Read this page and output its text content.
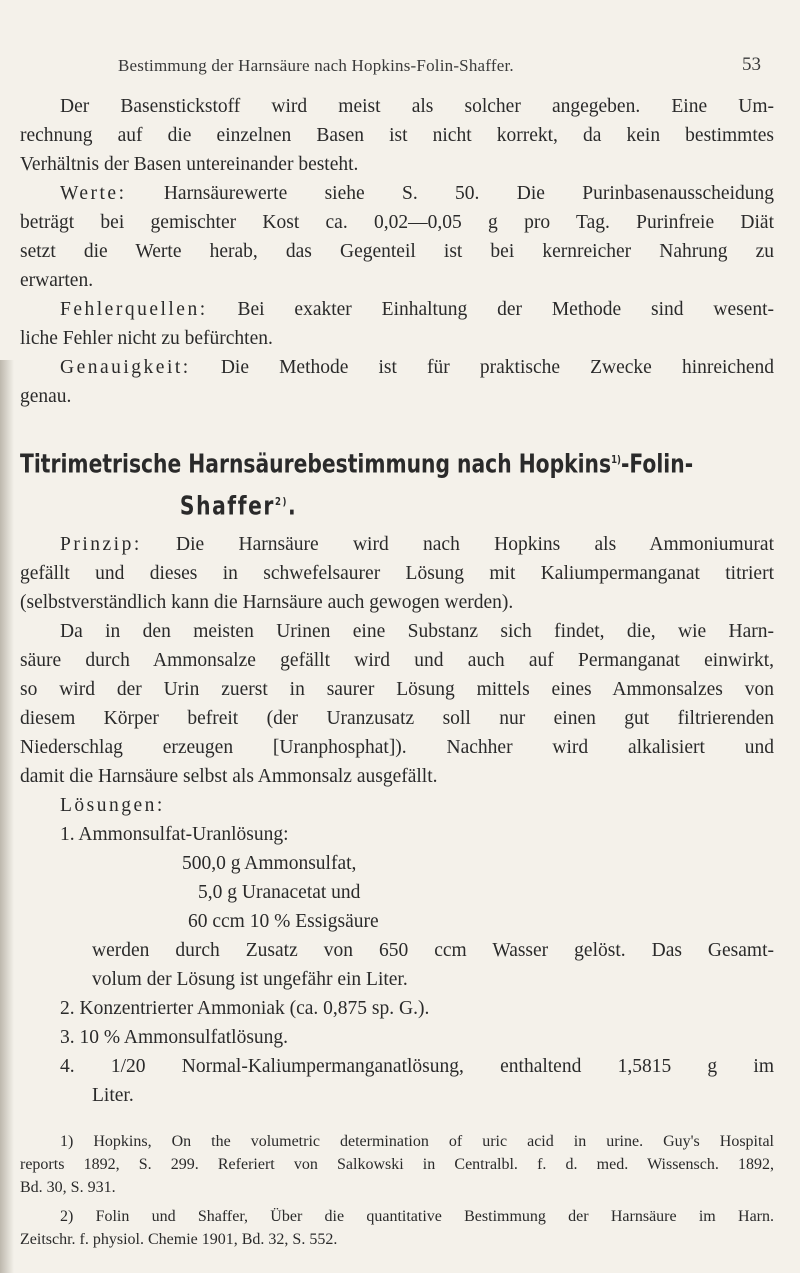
Bestimmung der Harnsäure nach Hopkins-Folin-Shaffer.	53

Der Basenstickstoff wird meist als solcher angegeben. Eine Um-
rechnung auf die einzelnen Basen ist nicht korrekt, da kein bestimmtes
Verhältnis der Basen untereinander besteht.

Werte: Harnsäurewerte siehe S. 50. Die Purinbasenausscheidung
beträgt bei gemischter Kost ca. 0,02—0,05 g pro Tag. Purinfreie Diät
setzt die Werte herab, das Gegenteil ist bei kernreicher Nahrung zu
erwarten.

Fehlerquellen: Bei exakter Einhaltung der Methode sind wesent-
liche Fehler nicht zu befürchten.

Genauigkeit: Die Methode ist für praktische Zwecke hinreichend
genau.

Titrimetrische Harnsäurebestimmung nach Hopkins$^{1)}$-Folin-
Shaffer$^{2)}$.

Prinzip: Die Harnsäure wird nach Hopkins als Ammoniumurat
gefällt und dieses in schwefelsaurer Lösung mit Kaliumpermanganat titriert
(selbstverständlich kann die Harnsäure auch gewogen werden).

Da in den meisten Urinen eine Substanz sich findet, die, wie Harn-
säure durch Ammonsalze gefällt wird und auch auf Permanganat einwirkt,
so wird der Urin zuerst in saurer Lösung mittels eines Ammonsalzes von
diesem Körper befreit (der Uranzusatz soll nur einen gut filtrierenden
Niederschlag erzeugen [Uranphosphat]). Nachher wird alkalisiert und
damit die Harnsäure selbst als Ammonsalz ausgefällt.

Lösungen:

1. Ammonsulfat-Uranlösung:
500,0 g Ammonsulfat,
5,0 g Uranacetat und
60 ccm 10 % Essigsäure
werden durch Zusatz von 650 ccm Wasser gelöst. Das Gesamt-
volum der Lösung ist ungefähr ein Liter.
2. Konzentrierter Ammoniak (ca. 0,875 sp. G.).
3. 10 % Ammonsulfatlösung.
4. 1/20 Normal-Kaliumpermanganatlösung, enthaltend 1,5815 g im
Liter.
1) Hopkins, On the volumetric determination of uric acid in urine. Guy's Hospital
reports 1892, S. 299. Referiert von Salkowski in Centralbl. f. d. med. Wissensch. 1892,
Bd. 30, S. 931.
2) Folin und Shaffer, Über die quantitative Bestimmung der Harnsäure im Harn.
Zeitschr. f. physiol. Chemie 1901, Bd. 32, S. 552.
